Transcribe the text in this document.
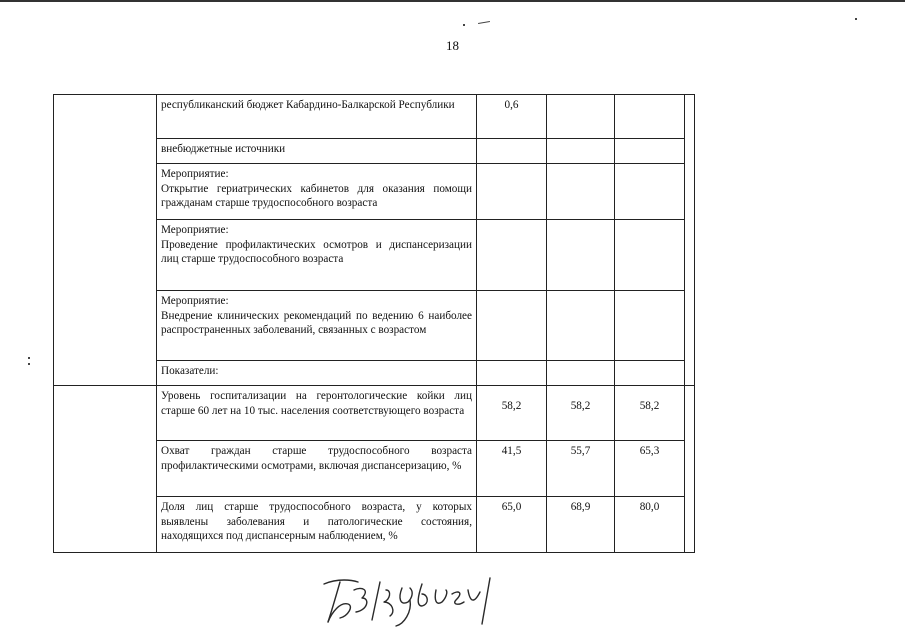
18
	республиканский бюджет Кабардино-Балкарской Республики	0,6			
	внебюджетные источники				

	Мероприятие:
Открытие гериатрических кабинетов для оказания помощи гражданам старше трудоспособного возраста				

	Мероприятие:
Проведение профилактических осмотров и диспансеризации лиц старше трудоспособного возраста				

	Мероприятие:
Внедрение клинических рекомендаций по ведению 6 наиболее распространенных заболеваний, связанных с возрастом				

	Показатели:				
	Уровень госпитализации на геронтологические койки лиц старше 60 лет на 10 тыс. населения соответствующего возраста	58,2	58,2	58,2	
	Охват граждан старше трудоспособного возраста профилактическими осмотрами, включая диспансеризацию, %	41,5	55,7	65,3	
	Доля лиц старше трудоспособного возраста, у которых выявлены заболевания и патологические состояния, находящихся под диспансерным наблюдением, %	65,0	68,9	80,0	
